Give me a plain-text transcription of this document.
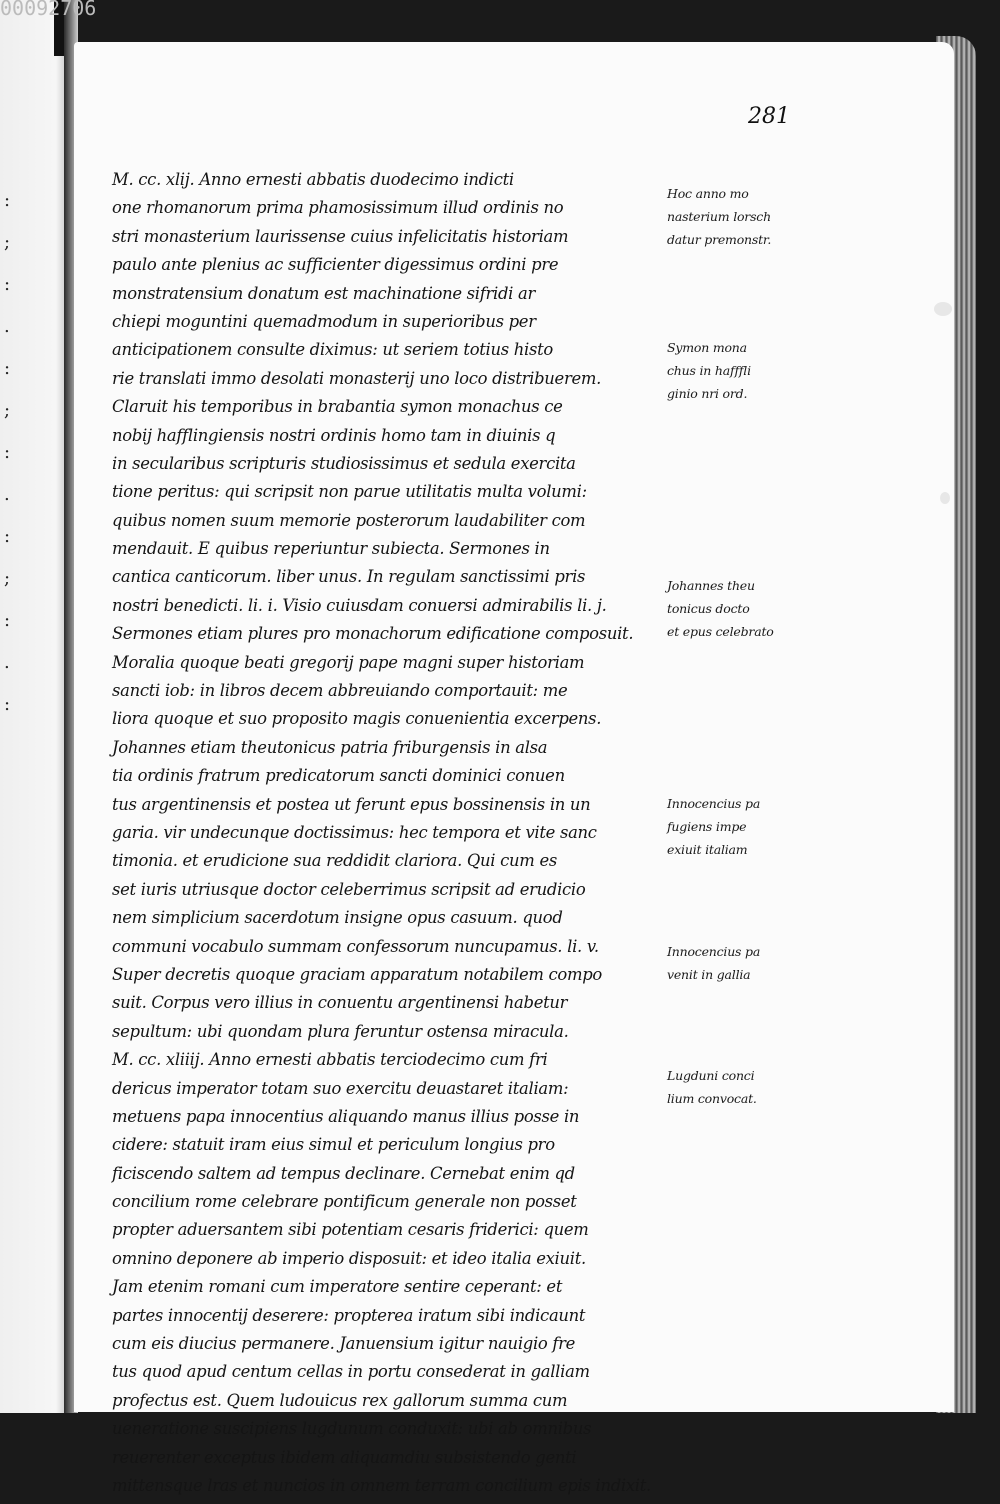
00092706
:
;
:
.
:
;
:
.
:
;
:
.
:
281
M. cc. xlij. Anno ernesti abbatis duodecimo indicti
one rhomanorum prima phamosissimum illud ordinis no
stri monasterium laurissense cuius infelicitatis historiam
paulo ante plenius ac sufficienter digessimus ordini pre
monstratensium donatum est machinatione sifridi ar
chiepi moguntini quemadmodum in superioribus per
anticipationem consulte diximus: ut seriem totius histo
rie translati immo desolati monasterij uno loco distribuerem.
Claruit his temporibus in brabantia symon monachus ce
nobij hafflingiensis nostri ordinis homo tam in diuinis q
in secularibus scripturis studiosissimus et sedula exercita
tione peritus: qui scripsit non parue utilitatis multa volumi:
quibus nomen suum memorie posterorum laudabiliter com
mendauit. E quibus reperiuntur subiecta. Sermones in
cantica canticorum. liber unus. In regulam sanctissimi pris
nostri benedicti. li. i. Visio cuiusdam conuersi admirabilis li. j.
Sermones etiam plures pro monachorum edificatione composuit.
Moralia quoque beati gregorij pape magni super historiam
sancti iob: in libros decem abbreuiando comportauit: me
liora quoque et suo proposito magis conuenientia excerpens.
Johannes etiam theutonicus patria friburgensis in alsa
tia ordinis fratrum predicatorum sancti dominici conuen
tus argentinensis et postea ut ferunt epus bossinensis in un
garia. vir undecunque doctissimus: hec tempora et vite sanc
timonia. et erudicione sua reddidit clariora. Qui cum es
set iuris utriusque doctor celeberrimus scripsit ad erudicio
nem simplicium sacerdotum insigne opus casuum. quod
communi vocabulo summam confessorum nuncupamus. li. v.
Super decretis quoque graciam apparatum notabilem compo
suit. Corpus vero illius in conuentu argentinensi habetur
sepultum: ubi quondam plura feruntur ostensa miracula.
M. cc. xliiij. Anno ernesti abbatis terciodecimo cum fri
dericus imperator totam suo exercitu deuastaret italiam:
metuens papa innocentius aliquando manus illius posse in
cidere: statuit iram eius simul et periculum longius pro
ficiscendo saltem ad tempus declinare. Cernebat enim qd
concilium rome celebrare pontificum generale non posset
propter aduersantem sibi potentiam cesaris friderici: quem
omnino deponere ab imperio disposuit: et ideo italia exiuit.
Jam etenim romani cum imperatore sentire ceperant: et
partes innocentij deserere: propterea iratum sibi indicaunt
cum eis diucius permanere. Januensium igitur nauigio fre
tus quod apud centum cellas in portu consederat in galliam
profectus est. Quem ludouicus rex gallorum summa cum
ueneratione suscipiens lugdunum conduxit: ubi ab omnibus
reuerenter exceptus ibidem aliquamdiu subsistendo genti
mittensque lras et nuncios in omnem terram concilium epis indixit.
Hoc anno mo
nasterium lorsch
datur premonstr.
Symon mona
chus in hafffli
ginio nri ord.
Johannes theu
tonicus docto
et epus celebrato
Innocencius pa
fugiens impe
exiuit italiam
Innocencius pa
venit in gallia
Lugduni conci
lium convocat.
